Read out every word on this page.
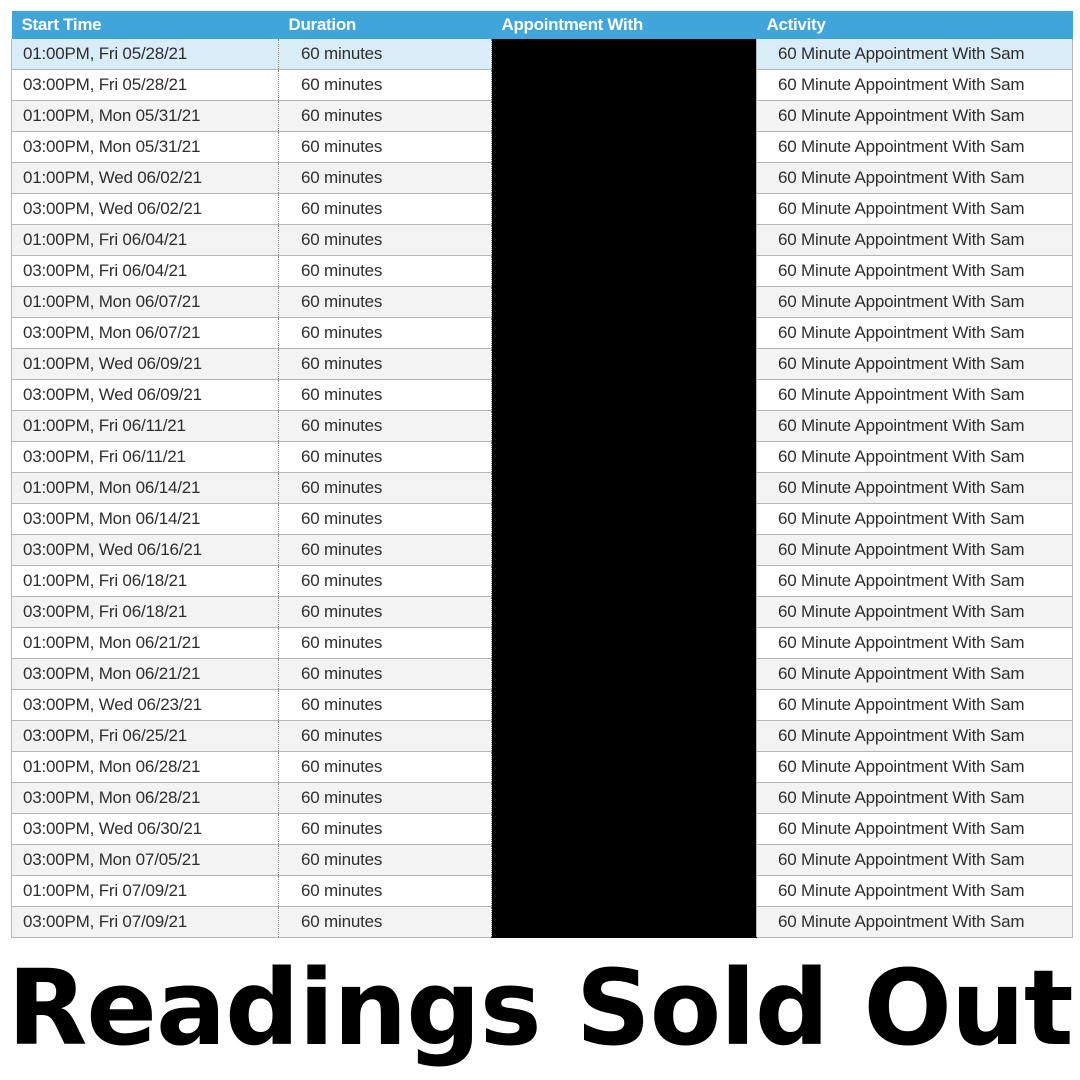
Start Time	Duration	Appointment With	Activity
01:00PM, Fri 05/28/21	60 minutes		60 Minute Appointment With Sam
03:00PM, Fri 05/28/21	60 minutes		60 Minute Appointment With Sam
01:00PM, Mon 05/31/21	60 minutes		60 Minute Appointment With Sam
03:00PM, Mon 05/31/21	60 minutes		60 Minute Appointment With Sam
01:00PM, Wed 06/02/21	60 minutes		60 Minute Appointment With Sam
03:00PM, Wed 06/02/21	60 minutes		60 Minute Appointment With Sam
01:00PM, Fri 06/04/21	60 minutes		60 Minute Appointment With Sam
03:00PM, Fri 06/04/21	60 minutes		60 Minute Appointment With Sam
01:00PM, Mon 06/07/21	60 minutes		60 Minute Appointment With Sam
03:00PM, Mon 06/07/21	60 minutes		60 Minute Appointment With Sam
01:00PM, Wed 06/09/21	60 minutes		60 Minute Appointment With Sam
03:00PM, Wed 06/09/21	60 minutes		60 Minute Appointment With Sam
01:00PM, Fri 06/11/21	60 minutes		60 Minute Appointment With Sam
03:00PM, Fri 06/11/21	60 minutes		60 Minute Appointment With Sam
01:00PM, Mon 06/14/21	60 minutes		60 Minute Appointment With Sam
03:00PM, Mon 06/14/21	60 minutes		60 Minute Appointment With Sam
03:00PM, Wed 06/16/21	60 minutes		60 Minute Appointment With Sam
01:00PM, Fri 06/18/21	60 minutes		60 Minute Appointment With Sam
03:00PM, Fri 06/18/21	60 minutes		60 Minute Appointment With Sam
01:00PM, Mon 06/21/21	60 minutes		60 Minute Appointment With Sam
03:00PM, Mon 06/21/21	60 minutes		60 Minute Appointment With Sam
03:00PM, Wed 06/23/21	60 minutes		60 Minute Appointment With Sam
03:00PM, Fri 06/25/21	60 minutes		60 Minute Appointment With Sam
01:00PM, Mon 06/28/21	60 minutes		60 Minute Appointment With Sam
03:00PM, Mon 06/28/21	60 minutes		60 Minute Appointment With Sam
03:00PM, Wed 06/30/21	60 minutes		60 Minute Appointment With Sam
03:00PM, Mon 07/05/21	60 minutes		60 Minute Appointment With Sam
01:00PM, Fri 07/09/21	60 minutes		60 Minute Appointment With Sam
03:00PM, Fri 07/09/21	60 minutes		60 Minute Appointment With Sam
Readings Sold Out
